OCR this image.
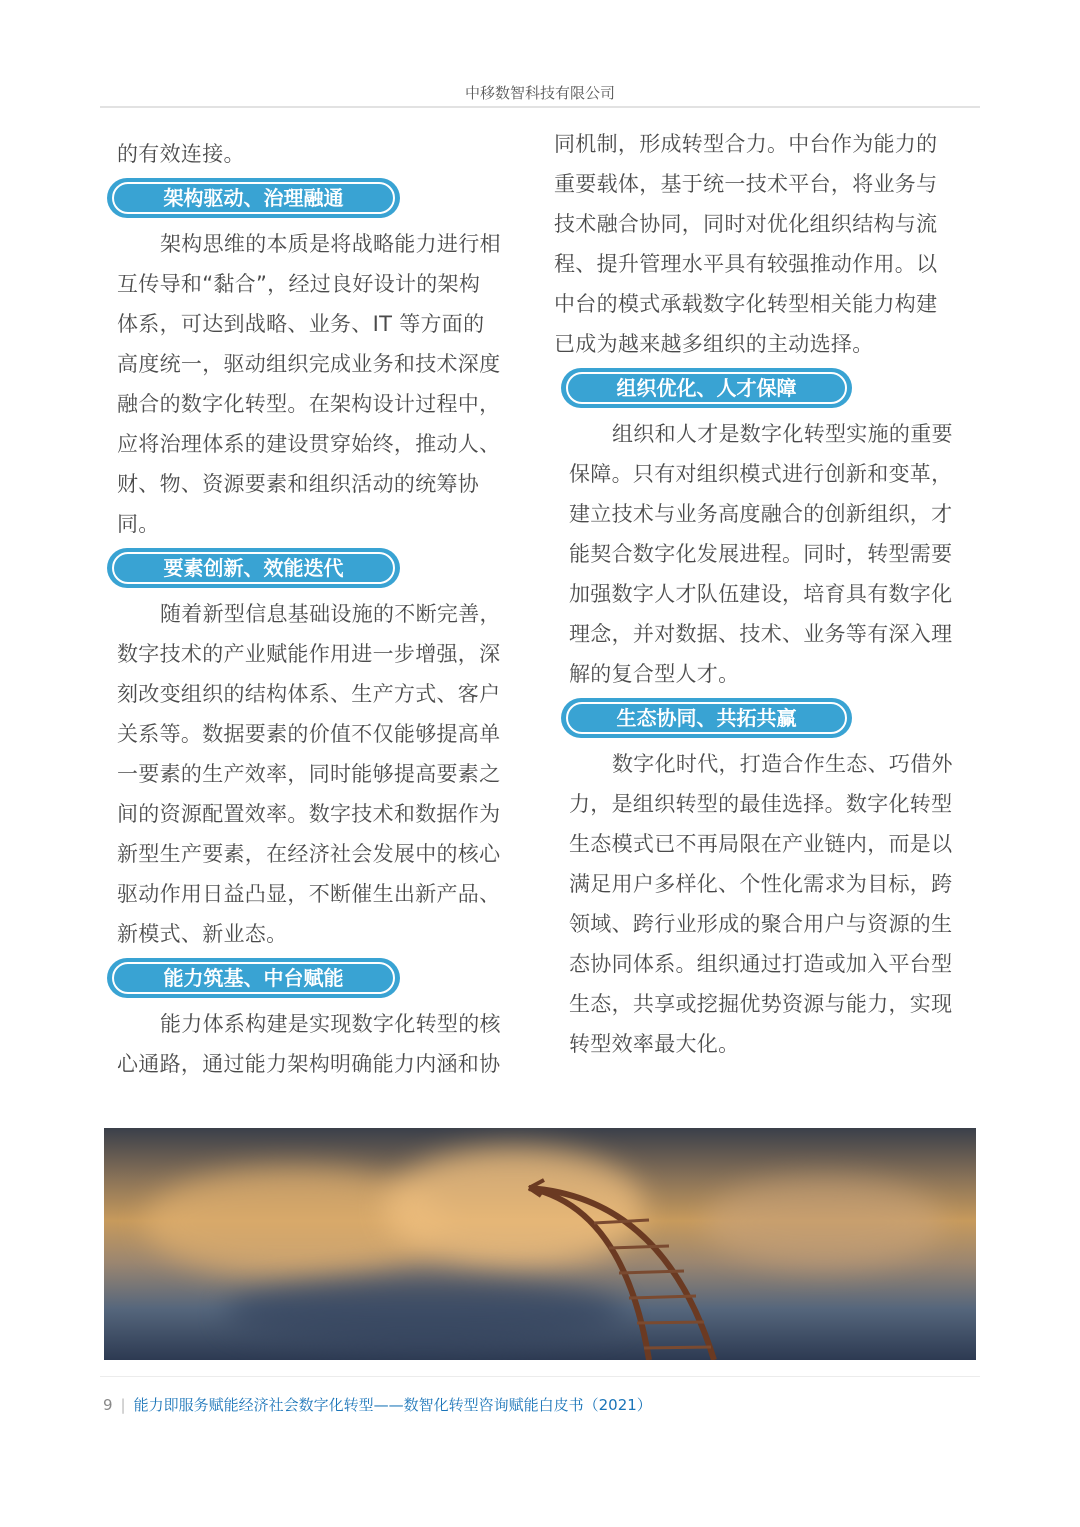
中移数智科技有限公司
的有效连接。
架构驱动、治理融通
架构思维的本质是将战略能力进行相
互传导和“黏合”，经过良好设计的架构
体系，可达到战略、业务、IT 等方面的
高度统一，驱动组织完成业务和技术深度
融合的数字化转型。在架构设计过程中，
应将治理体系的建设贯穿始终，推动人、
财、物、资源要素和组织活动的统筹协
同。
要素创新、效能迭代
随着新型信息基础设施的不断完善，
数字技术的产业赋能作用进一步增强，深
刻改变组织的结构体系、生产方式、客户
关系等。数据要素的价值不仅能够提高单
一要素的生产效率，同时能够提高要素之
间的资源配置效率。数字技术和数据作为
新型生产要素，在经济社会发展中的核心
驱动作用日益凸显，不断催生出新产品、
新模式、新业态。
能力筑基、中台赋能
能力体系构建是实现数字化转型的核
心通路，通过能力架构明确能力内涵和协
同机制，形成转型合力。中台作为能力的
重要载体，基于统一技术平台，将业务与
技术融合协同，同时对优化组织结构与流
程、提升管理水平具有较强推动作用。以
中台的模式承载数字化转型相关能力构建
已成为越来越多组织的主动选择。
组织优化、人才保障
组织和人才是数字化转型实施的重要
保障。只有对组织模式进行创新和变革，
建立技术与业务高度融合的创新组织，才
能契合数字化发展进程。同时，转型需要
加强数字人才队伍建设，培育具有数字化
理念，并对数据、技术、业务等有深入理
解的复合型人才。
生态协同、共拓共赢
数字化时代，打造合作生态、巧借外
力，是组织转型的最佳选择。数字化转型
生态模式已不再局限在产业链内，而是以
满足用户多样化、个性化需求为目标，跨
领域、跨行业形成的聚合用户与资源的生
态协同体系。组织通过打造或加入平台型
生态，共享或挖掘优势资源与能力，实现
转型效率最大化。
9 | 能力即服务赋能经济社会数字化转型——数智化转型咨询赋能白皮书（2021）
